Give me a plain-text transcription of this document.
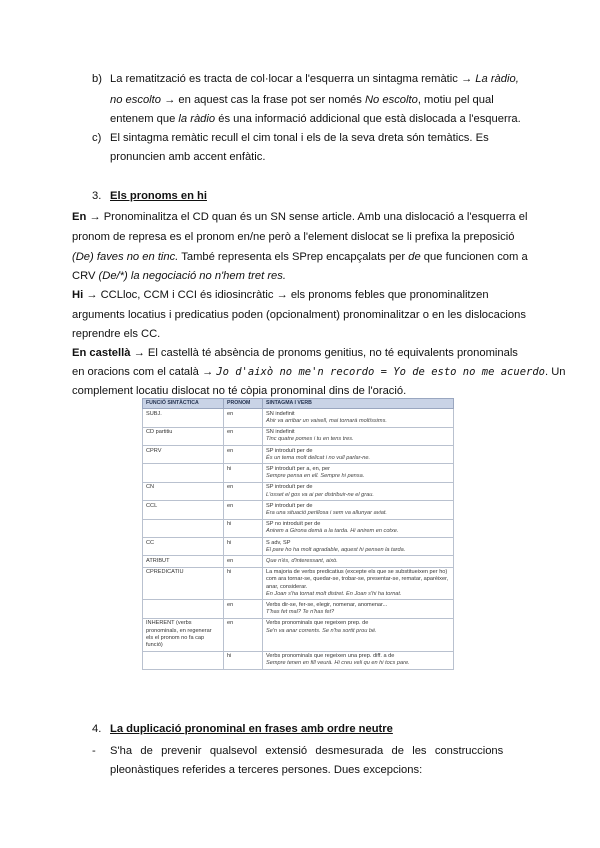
b) La rematització es tracta de col·locar a l'esquerra un sintagma remàtic → La ràdio,
no escolto → en aquest cas la frase pot ser només No escolto, motiu pel qual
entenem que la ràdio és una informació addicional que està dislocada a l'esquerra.
c) El sintagma remàtic recull el cim tonal i els de la seva dreta són temàtics. Es
pronuncien amb accent enfàtic.
3. Els pronoms en hi
En → Pronominalitza el CD quan és un SN sense article. Amb una dislocació a l'esquerra el
pronom de represa es el pronom en/ne però a l'element dislocat se li prefixa la preposició
(De) faves no en tinc. També representa els SPrep encapçalats per de que funcionen com a
CRV (De/*) la negociació no n'hem tret res.
Hi → CCLloc, CCM i CCI és idiosincràtic → els pronoms febles que pronominalitzen
arguments locatius i predicatius poden (opcionalment) pronominalitzar o en les dislocacions
reprendre els CC.
En castellà → El castellà té absència de pronoms genitius, no té equivalents pronominals
en oracions com el català → Jo d'això no me'n recordo = Yo de esto no me acuerdo. Un
complement locatiu dislocat no té còpia pronominal dins de l'oració.
FUNCIÓ SINTÀCTICA	PRONOM	SINTAGMA I VERB
SUBJ.	en	SN indefinit
Ahir va arribar un vaixell, mai tornarà moltíssims.

CD partitiu	en	SN indefinit
Tinc quatre pomes i tu en tens tres.

CPRV	en	SP introduït per de
És un tema molt delicat i no vull parlar-ne.

	hi	SP introduït per a, en, per
Sempre pensa en ell. Sempre hi pensa.

CN	en	SP introduït per de
L'osset el gos va ai per distribuir-ne el grau.

CCL	en	SP introduït per de
Era una situació perillosa i sem va allunyar aviat.

	hi	SP no introduït per de
Anirem a Girona demà a la tarda. Hi anirem en cotxe.

CC	hi	S adv, SP
El pare ho ha molt agradable, aquest hi pensen la tarda.

ATRIBUT	en	Que n'és, d'interessant, això.

CPREDICATIU	hi	La majoria de verbs predicatius (excepte els que se substitueixen per ho) com ara tornar-se, quedar-se, trobar-se, presentar-se, rematar, aparèixer, anar, considerar.
En Joan s'ha tornat molt distret. En Joan s'hi ha tornat.

	en	Verbs dir-se, fer-se, elegir, nomenar, anomenar...
T'has fet mal? Te n'has fet?

INHERENT (verbs pronominals, en regenerar els el pronom no fa cap funció)	en	Verbs pronominals que regeixen prep. de
Se'n va anar corrents. Se n'ha sortit prou bé.

	hi	Verbs pronominals que regeixen una prep. diff. a de
Sempre tenen en fill veurà. Hi creu veli qu en hi tocs pare.
4. La duplicació pronominal en frases amb ordre neutre
- S'ha de prevenir qualsevol extensió desmesurada de les construccions
pleonàstiques referides a terceres persones. Dues excepcions:
